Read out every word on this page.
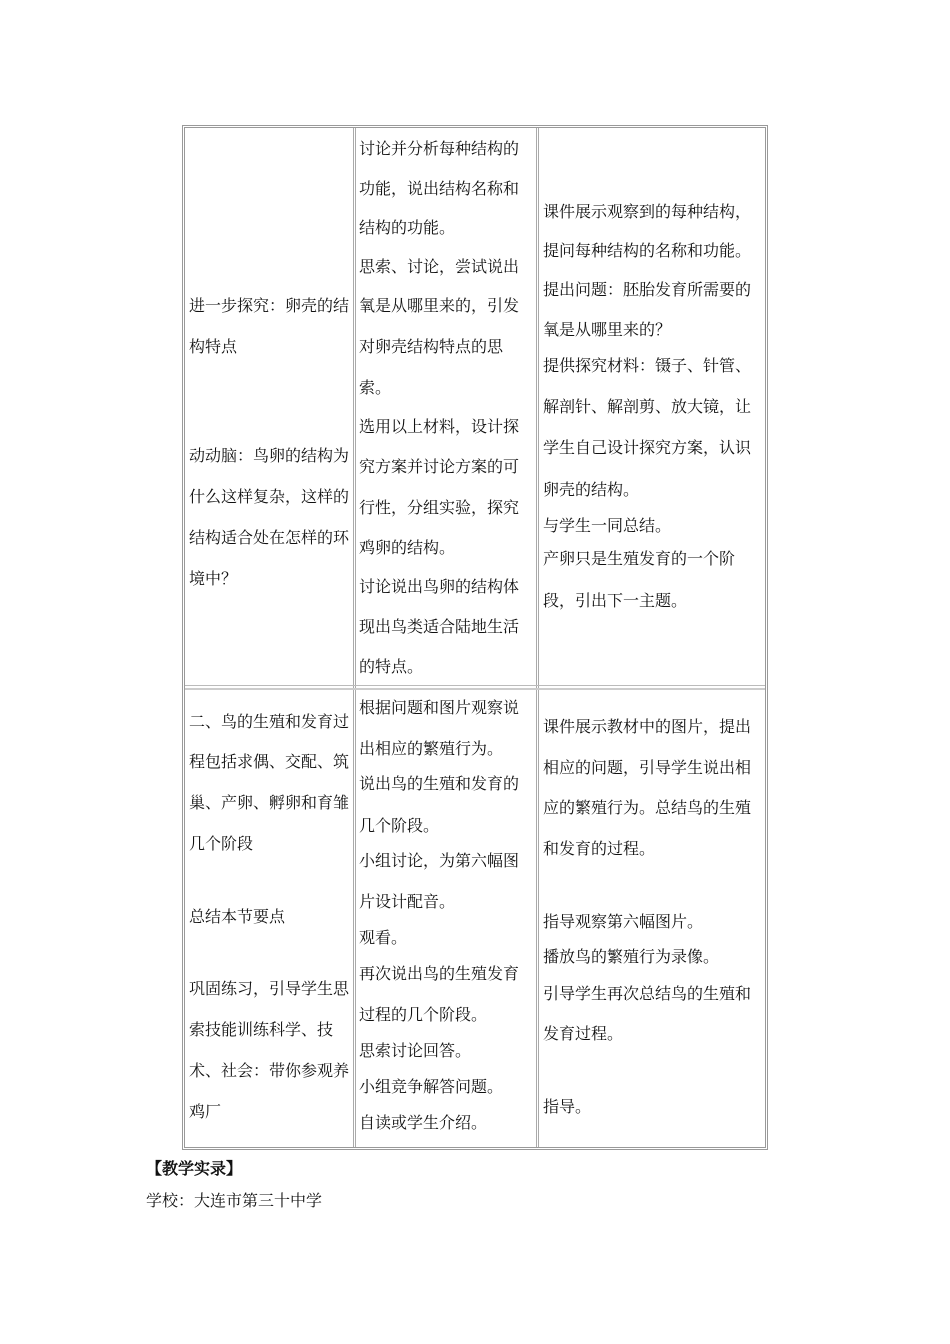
进一步探究：卵壳的结
构特点
动动脑：鸟卵的结构为
什么这样复杂，这样的
结构适合处在怎样的环
境中？
讨论并分析每种结构的
功能，说出结构名称和
结构的功能。
思索、讨论，尝试说出
氧是从哪里来的，引发
对卵壳结构特点的思
索。
选用以上材料，设计探
究方案并讨论方案的可
行性，分组实验，探究
鸡卵的结构。
讨论说出鸟卵的结构体
现出鸟类适合陆地生活
的特点。
课件展示观察到的每种结构，
提问每种结构的名称和功能。
提出问题：胚胎发育所需要的
氧是从哪里来的？
提供探究材料：镊子、针管、
解剖针、解剖剪、放大镜，让
学生自己设计探究方案，认识
卵壳的结构。
与学生一同总结。
产卵只是生殖发育的一个阶
段，引出下一主题。
二、鸟的生殖和发育过
程包括求偶、交配、筑
巢、产卵、孵卵和育雏
几个阶段
总结本节要点
巩固练习，引导学生思
索技能训练科学、技
术、社会：带你参观养
鸡厂
根据问题和图片观察说
出相应的繁殖行为。
说出鸟的生殖和发育的
几个阶段。
小组讨论，为第六幅图
片设计配音。
观看。
再次说出鸟的生殖发育
过程的几个阶段。
思索讨论回答。
小组竞争解答问题。
自读或学生介绍。
课件展示教材中的图片，提出
相应的问题，引导学生说出相
应的繁殖行为。总结鸟的生殖
和发育的过程。
指导观察第六幅图片。
播放鸟的繁殖行为录像。
引导学生再次总结鸟的生殖和
发育过程。
指导。
【教学实录】
学校：大连市第三十中学
